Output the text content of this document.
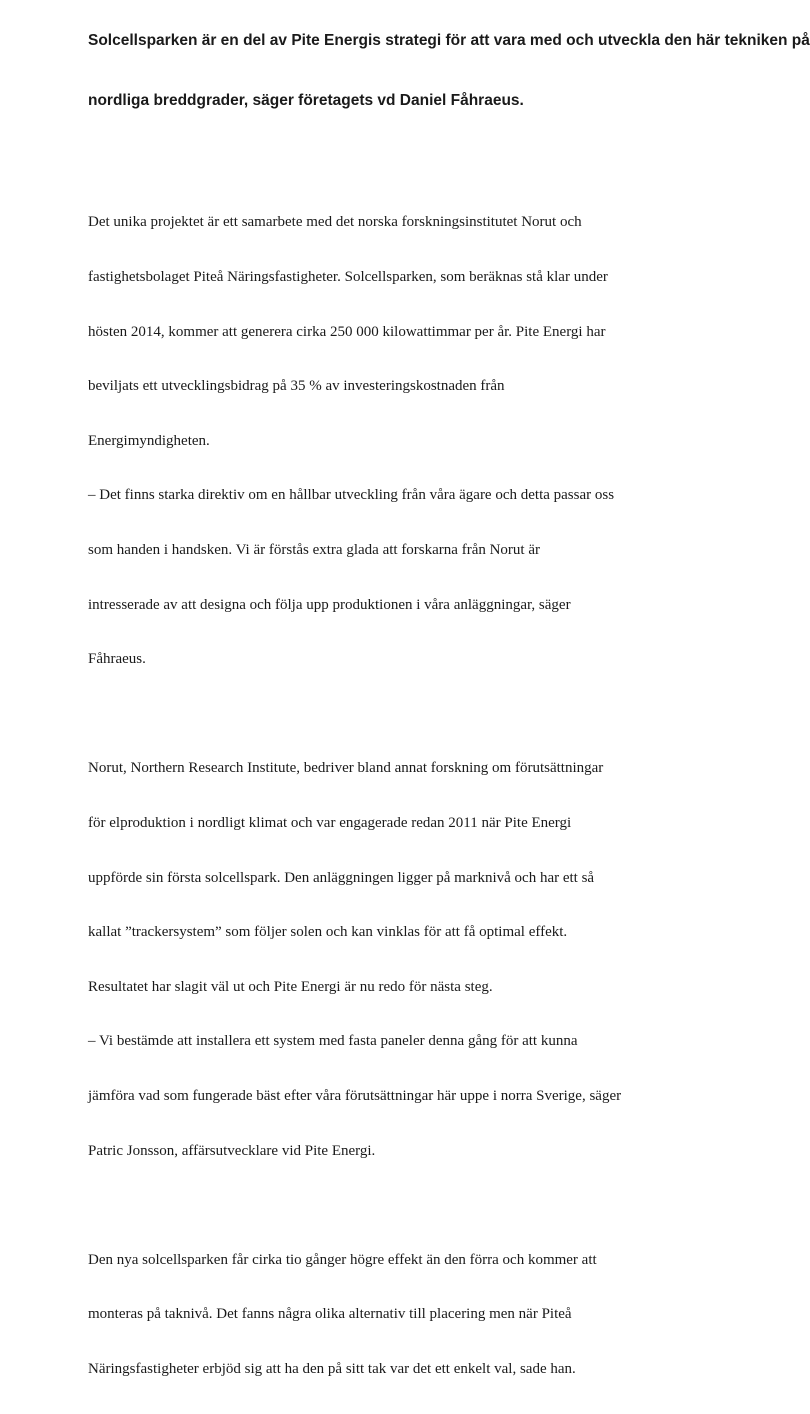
Solcellsparken är en del av Pite Energis strategi för att vara med och utveckla den här tekniken på

nordliga breddgrader, säger företagets vd Daniel Fåhraeus.

Det unika projektet är ett samarbete med det norska forskningsinstitutet Norut och

fastighetsbolaget Piteå Näringsfastigheter. Solcellsparken, som beräknas stå klar under

hösten 2014, kommer att generera cirka 250 000 kilowattimmar per år. Pite Energi har

beviljats ett utvecklingsbidrag på 35 % av investeringskostnaden från

Energimyndigheten.

– Det finns starka direktiv om en hållbar utveckling från våra ägare och detta passar oss

som handen i handsken. Vi är förstås extra glada att forskarna från Norut är

intresserade av att designa och följa upp produktionen i våra anläggningar, säger

Fåhraeus.

Norut, Northern Research Institute, bedriver bland annat forskning om förutsättningar

för elproduktion i nordligt klimat och var engagerade redan 2011 när Pite Energi

uppförde sin första solcellspark. Den anläggningen ligger på marknivå och har ett så

kallat ”trackersystem” som följer solen och kan vinklas för att få optimal effekt.

Resultatet har slagit väl ut och Pite Energi är nu redo för nästa steg.

– Vi bestämde att installera ett system med fasta paneler denna gång för att kunna

jämföra vad som fungerade bäst efter våra förutsättningar här uppe i norra Sverige, säger

Patric Jonsson, affärsutvecklare vid Pite Energi.

Den nya solcellsparken får cirka tio gånger högre effekt än den förra och kommer att

monteras på taknivå. Det fanns några olika alternativ till placering men när Piteå

Näringsfastigheter erbjöd sig att ha den på sitt tak var det ett enkelt val, sade han.
